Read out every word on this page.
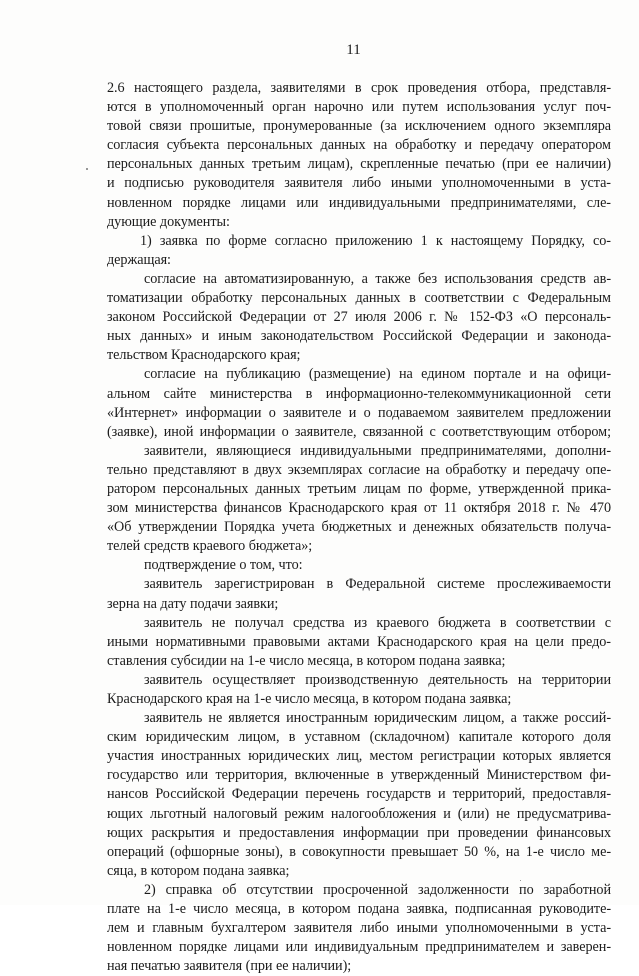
11
2.6 настоящего раздела, заявителями в срок проведения отбора, представля-
ются в уполномоченный орган нарочно или путем использования услуг поч-
товой связи прошитые, пронумерованные (за исключением одного экземпляра
согласия субъекта персональных данных на обработку и передачу оператором
персональных данных третьим лицам), скрепленные печатью (при ее наличии)
и подписью руководителя заявителя либо иными уполномоченными в уста-
новленном порядке лицами или индивидуальными предпринимателями, сле-
дующие документы:
1) заявка по форме согласно приложению 1 к настоящему Порядку, со-
держащая:
согласие на автоматизированную, а также без использования средств ав-
томатизации обработку персональных данных в соответствии с Федеральным
законом Российской Федерации от 27 июля 2006 г. № 152-ФЗ «О персональ-
ных данных» и иным законодательством Российской Федерации и законода-
тельством Краснодарского края;
согласие на публикацию (размещение) на едином портале и на офици-
альном сайте министерства в информационно-телекоммуникационной сети
«Интернет» информации о заявителе и о подаваемом заявителем предложении
(заявке), иной информации о заявителе, связанной с соответствующим отбором;
заявители, являющиеся индивидуальными предпринимателями, дополни-
тельно представляют в двух экземплярах согласие на обработку и передачу опе-
ратором персональных данных третьим лицам по форме, утвержденной прика-
зом министерства финансов Краснодарского края от 11 октября 2018 г. № 470
«Об утверждении Порядка учета бюджетных и денежных обязательств получа-
телей средств краевого бюджета»;
подтверждение о том, что:
заявитель зарегистрирован в Федеральной системе прослеживаемости
зерна на дату подачи заявки;
заявитель не получал средства из краевого бюджета в соответствии с
иными нормативными правовыми актами Краснодарского края на цели предо-
ставления субсидии на 1-е число месяца, в котором подана заявка;
заявитель осуществляет производственную деятельность на территории
Краснодарского края на 1-е число месяца, в котором подана заявка;
заявитель не является иностранным юридическим лицом, а также россий-
ским юридическим лицом, в уставном (складочном) капитале которого доля
участия иностранных юридических лиц, местом регистрации которых является
государство или территория, включенные в утвержденный Министерством фи-
нансов Российской Федерации перечень государств и территорий, предоставля-
ющих льготный налоговый режим налогообложения и (или) не предусматрива-
ющих раскрытия и предоставления информации при проведении финансовых
операций (офшорные зоны), в совокупности превышает 50 %, на 1-е число ме-
сяца, в котором подана заявка;
2) справка об отсутствии просроченной задолженности по заработной
плате на 1-е число месяца, в котором подана заявка, подписанная руководите-
лем и главным бухгалтером заявителя либо иными уполномоченными в уста-
новленном порядке лицами или индивидуальным предпринимателем и заверен-
ная печатью заявителя (при ее наличии);
